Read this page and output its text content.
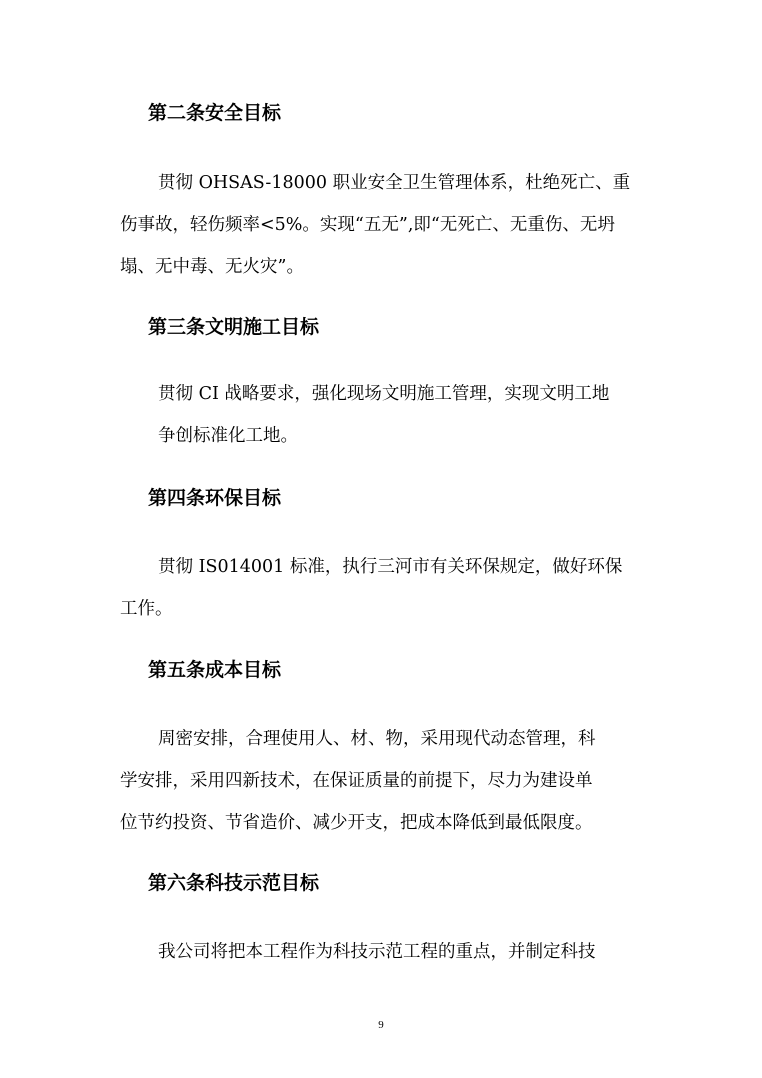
第二条安全目标

贯彻 OHSAS-18000 职业安全卫生管理体系，杜绝死亡、重

伤事故，轻伤频率<5%。实现“五无”,即“无死亡、无重伤、无坍

塌、无中毒、无火灾”。

第三条文明施工目标

贯彻 CI 战略要求，强化现场文明施工管理，实现文明工地

争创标准化工地。

第四条环保目标

贯彻 IS014001 标准，执行三河市有关环保规定，做好环保

工作。

第五条成本目标

周密安排，合理使用人、材、物，采用现代动态管理，科

学安排，采用四新技术，在保证质量的前提下，尽力为建设单

位节约投资、节省造价、减少开支，把成本降低到最低限度。

第六条科技示范目标

我公司将把本工程作为科技示范工程的重点，并制定科技

9
